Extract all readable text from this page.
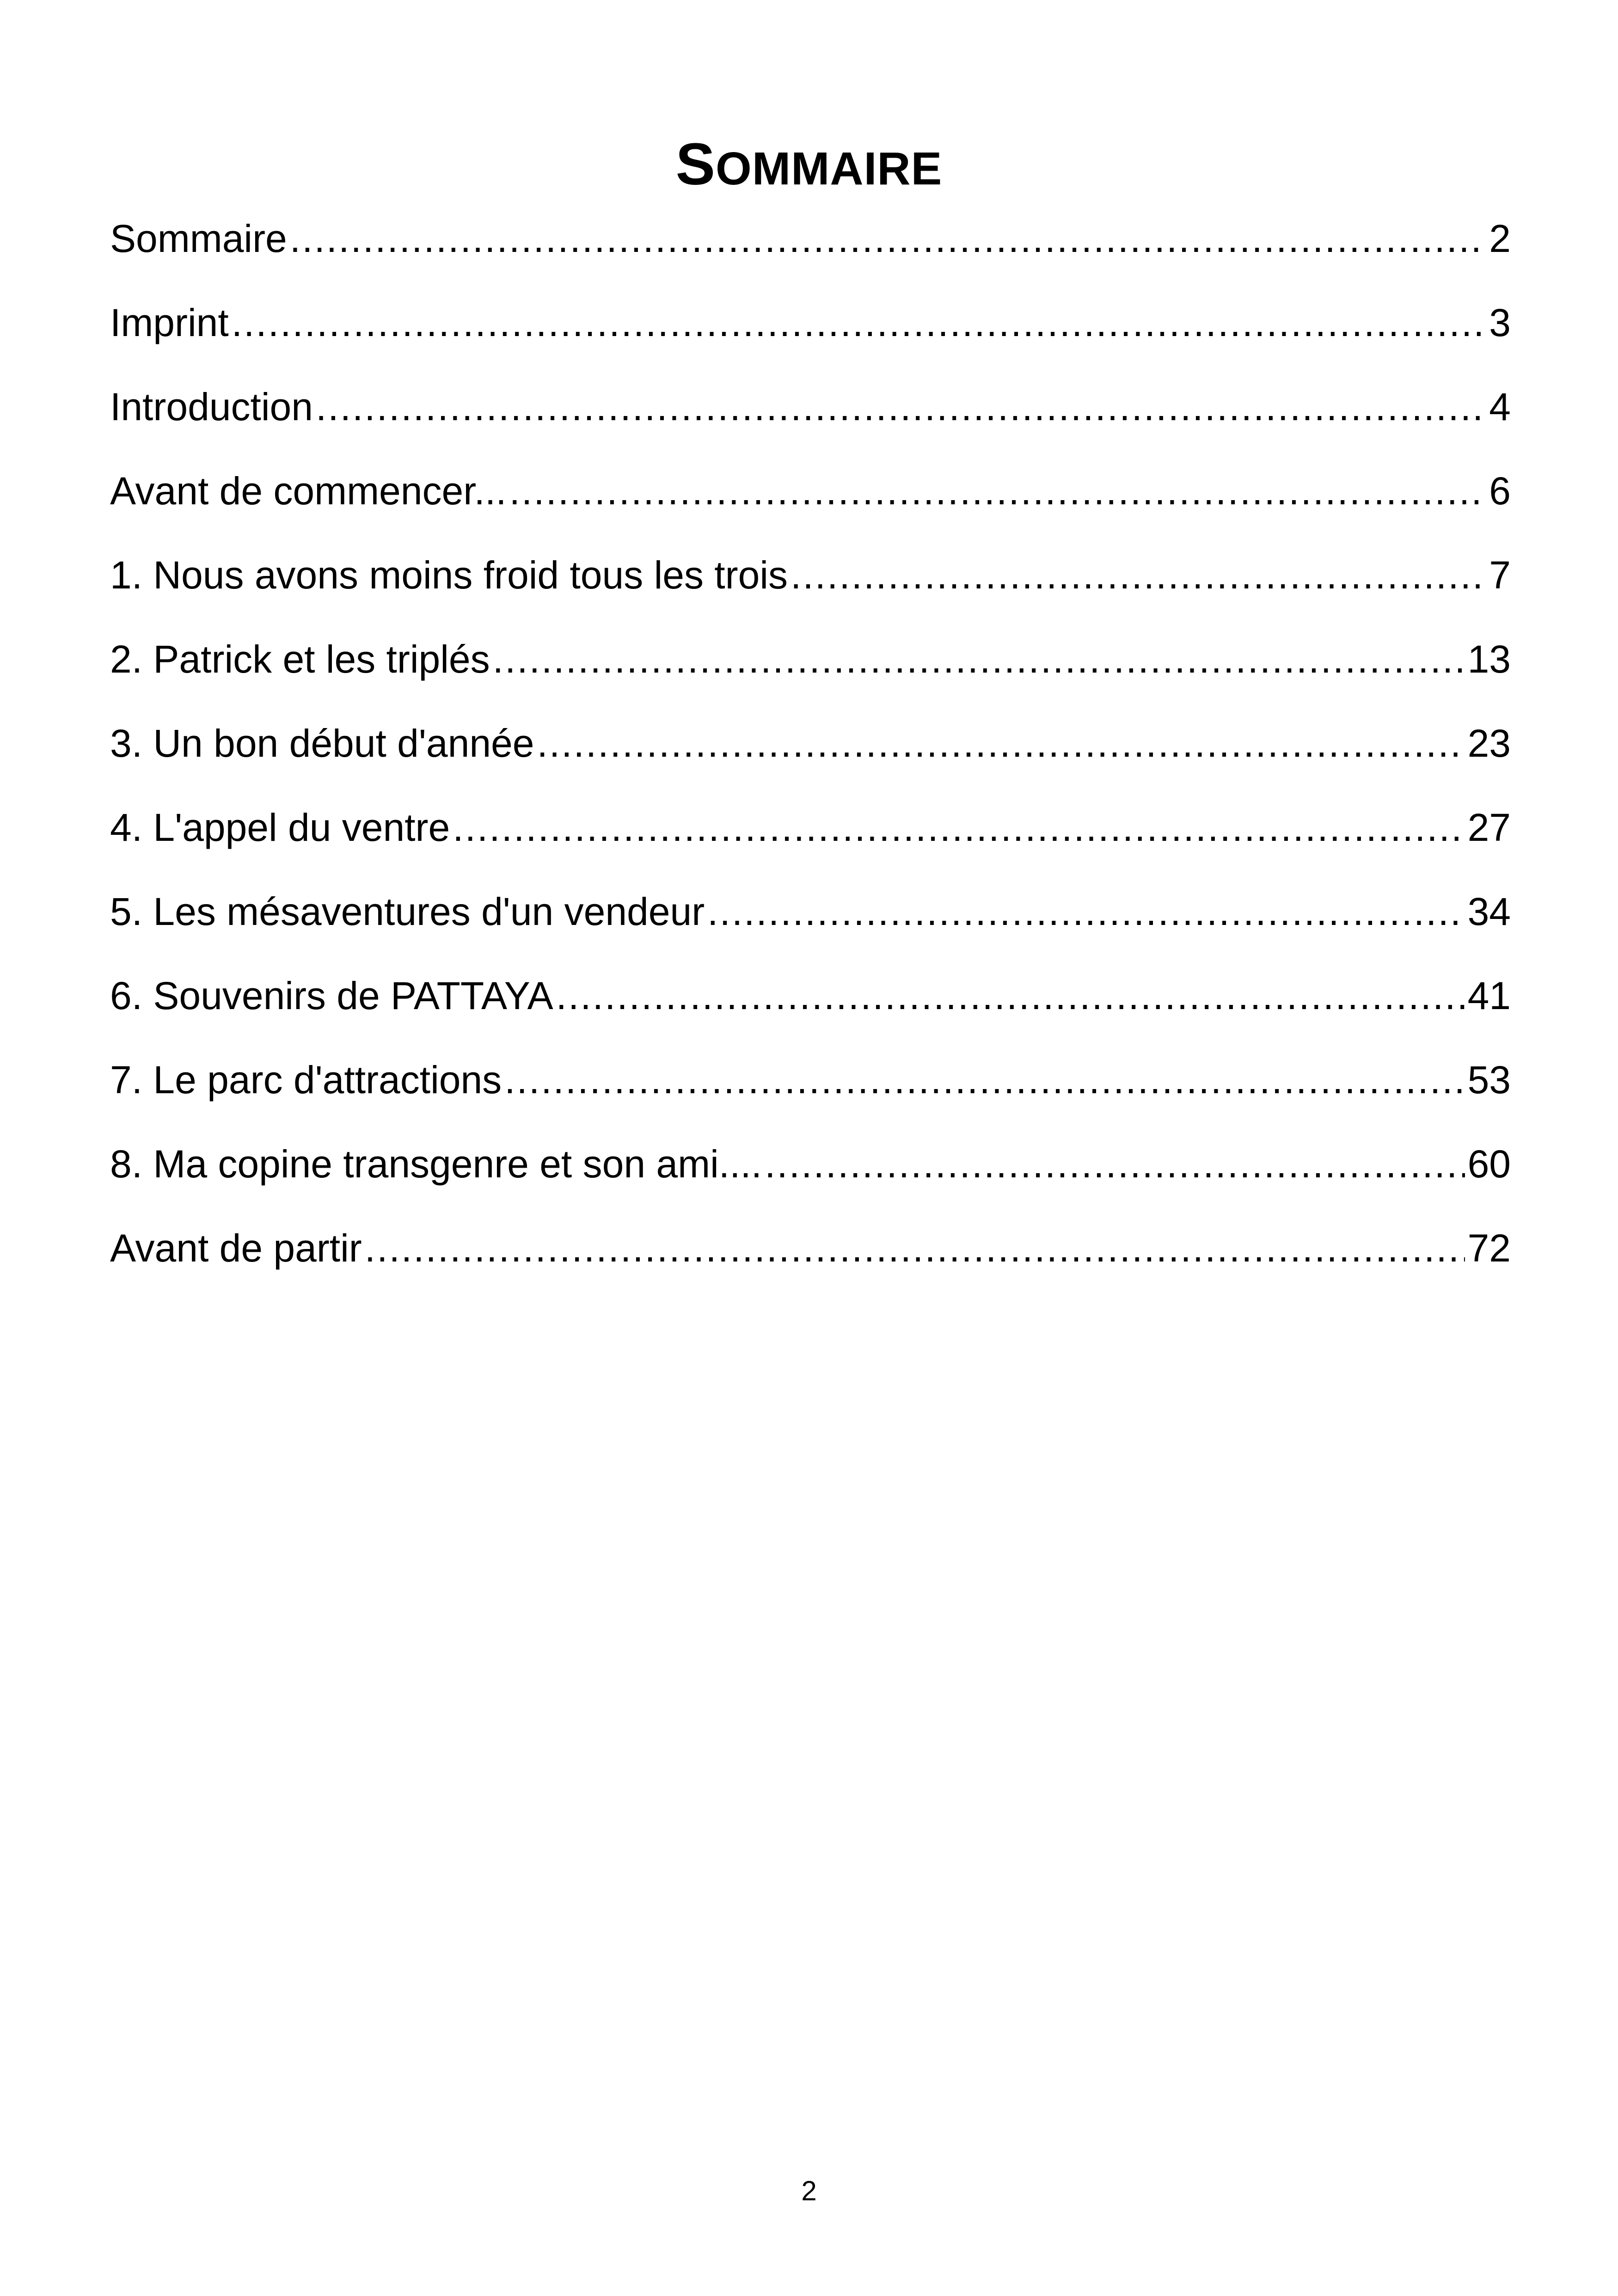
SOMMAIRE
Sommaire .....	2
Imprint .....	3
Introduction .....	4
Avant de commencer... .....	6
1. Nous avons moins froid tous les trois .....	7
2. Patrick et les triplés .....	13
3. Un bon début d'année .....	23
4. L'appel du ventre .....	27
5. Les mésaventures d'un vendeur .....	34
6. Souvenirs de PATTAYA .....	41
7. Le parc d'attractions .....	53
8. Ma copine transgenre et son ami.... .....	60
Avant de partir .....	72
2
